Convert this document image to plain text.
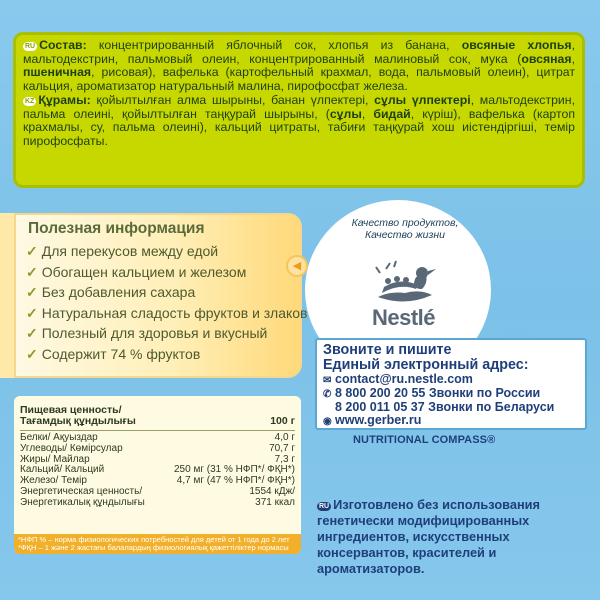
RU Состав: концентрированный яблочный сок, хлопья из банана, овсяные хлопья, мальтодекстрин, пальмовый олеин, концентрированный малиновый сок, мука (овсяная, пшеничная, рисовая), вафелька (картофельный крахмал, вода, пальмовый олеин), цитрат кальция, ароматизатор натуральный малина, пирофосфат железа.

KZ Құрамы: қойылтылған алма шырыны, банан үлпектері, сұлы үлпектері, мальтодекстрин, пальма олеині, қойылтылған таңқурай шырыны, (сұлы, бидай, күріш), вафелька (картоп крахмалы, су, пальма олеині), кальций цитраты, табиғи таңқурай хош иістендіргіші, темір пирофосфаты.

Полезная информация
✓ Для перекусов между едой
✓ Обогащен кальцием и железом
✓ Без добавления сахара
✓ Натуральная сладость фруктов и злаков
✓ Полезный для здоровья и вкусный
✓ Содержит 74 % фруктов
◀
Качество продуктов,
Качество жизни
Nestlé
Звоните и пишите
Единый электронный адрес:
✉ contact@ru.nestle.com
✆ 8 800 200 20 55 Звонки по России
8 200 011 05 37 Звонки по Беларуси
◉ www.gerber.ru
NUTRITIONAL COMPASS®
Пищевая ценность/
Тағамдық құндылығы	100 г
Белки/ Ақуыздар	4,0 г
Углеводы/ Көмірсулар	70,7 г
Жиры/ Майлар	7,3 г
Кальций/ Кальций	250 мг (31 % НФП*/ ФҚН*)
Железо/ Темір	4,7 мг (47 % НФП*/ ФҚН*)
Энергетическая ценность/	1554 кДж/
Энергетикалық құндылығы	371 ккал
*НФП % – норма физиологических потребностей для детей от 1 года до 2 лет
*ФҚН – 1 және 2 жастағы балалардың физиологиялық қажеттіліктер нормасы
RU Изготовлено без использования генетически модифицированных ингредиентов, искусственных консервантов, красителей и ароматизаторов.
